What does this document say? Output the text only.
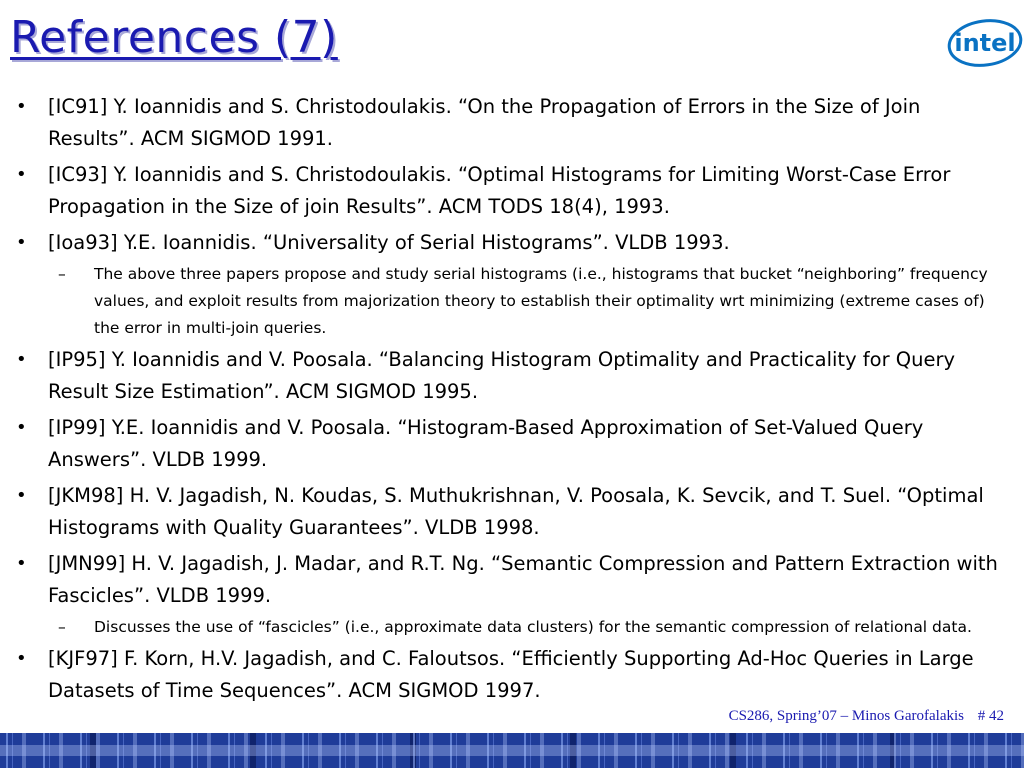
References (7)	intel
• [IC91] Y. Ioannidis and S. Christodoulakis. “On the Propagation of Errors in the Size of Join Results”. ACM SIGMOD 1991.
• [IC93] Y. Ioannidis and S. Christodoulakis. “Optimal Histograms for Limiting Worst-Case Error Propagation in the Size of join Results”. ACM TODS 18(4), 1993.
• [Ioa93] Y.E. Ioannidis. “Universality of Serial Histograms”. VLDB 1993.
– The above three papers propose and study serial histograms (i.e., histograms that bucket “neighboring” frequency values, and exploit results from majorization theory to establish their optimality wrt minimizing (extreme cases of) the error in multi-join queries.
• [IP95] Y. Ioannidis and V. Poosala. “Balancing Histogram Optimality and Practicality for Query Result Size Estimation”. ACM SIGMOD 1995.
• [IP99] Y.E. Ioannidis and V. Poosala. “Histogram-Based Approximation of Set-Valued Query Answers”. VLDB 1999.
• [JKM98] H. V. Jagadish, N. Koudas, S. Muthukrishnan, V. Poosala, K. Sevcik, and T. Suel. “Optimal Histograms with Quality Guarantees”. VLDB 1998.
• [JMN99] H. V. Jagadish, J. Madar, and R.T. Ng. “Semantic Compression and Pattern Extraction with Fascicles”. VLDB 1999.
– Discusses the use of “fascicles” (i.e., approximate data clusters) for the semantic compression of relational data.
• [KJF97] F. Korn, H.V. Jagadish, and C. Faloutsos. “Efficiently Supporting Ad-Hoc Queries in Large Datasets of Time Sequences”. ACM SIGMOD 1997.
CS286, Spring’07 – Minos Garofalakis # 42
